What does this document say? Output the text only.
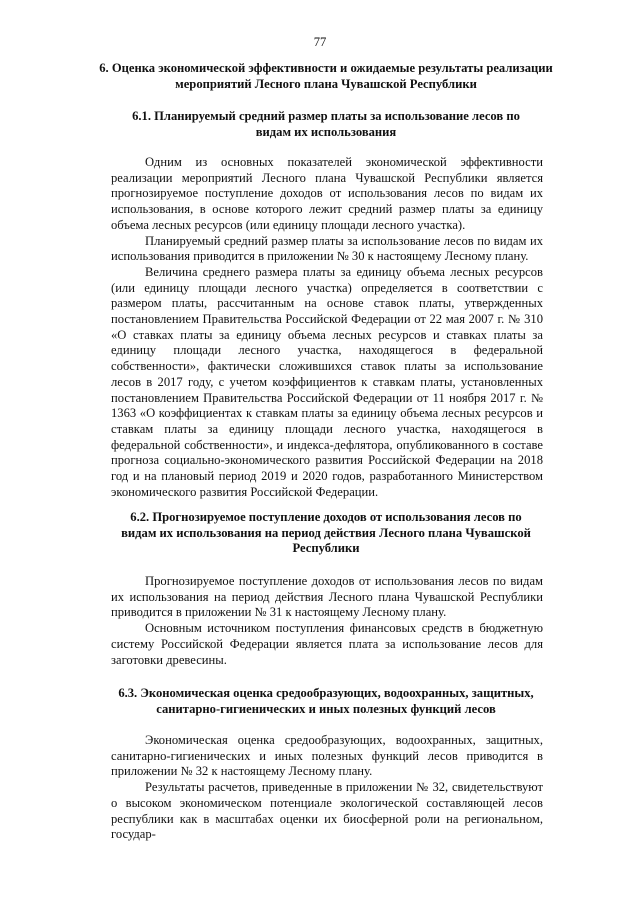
77
6. Оценка экономической эффективности и ожидаемые результаты реализации мероприятий Лесного плана Чувашской Республики
6.1. Планируемый средний размер платы за использование лесов по видам их использования

Одним из основных показателей экономической эффективности реализации мероприятий Лесного плана Чувашской Республики является прогнозируемое поступление доходов от использования лесов по видам их использования, в основе которого лежит средний размер платы за единицу объема лесных ресурсов (или единицу площади лесного участка).

Планируемый средний размер платы за использование лесов по видам их использования приводится в приложении № 30 к настоящему Лесному плану.

Величина среднего размера платы за единицу объема лесных ресурсов (или единицу площади лесного участка) определяется в соответствии с размером платы, рассчитанным на основе ставок платы, утвержденных постановлением Правительства Российской Федерации от 22 мая 2007 г. № 310 «О ставках платы за единицу объема лесных ресурсов и ставках платы за единицу площади лесного участка, находящегося в федеральной собственности», фактически сложившихся ставок платы за использование лесов в 2017 году, с учетом коэффициентов к ставкам платы, установленных постановлением Правительства Российской Федерации от 11 ноября 2017 г. № 1363 «О коэффициентах к ставкам платы за единицу объема лесных ресурсов и ставкам платы за единицу площади лесного участка, находящегося в федеральной собственности», и индекса-дефлятора, опубликованного в составе прогноза социально-экономического развития Российской Федерации на 2018 год и на плановый период 2019 и 2020 годов, разработанного Министерством экономического развития Российской Федерации.

6.2. Прогнозируемое поступление доходов от использования лесов по видам их использования на период действия Лесного плана Чувашской Республики

Прогнозируемое поступление доходов от использования лесов по видам их использования на период действия Лесного плана Чувашской Республики приводится в приложении № 31 к настоящему Лесному плану.

Основным источником поступления финансовых средств в бюджетную систему Российской Федерации является плата за использование лесов для заготовки древесины.

6.3. Экономическая оценка средообразующих, водоохранных, защитных, санитарно-гигиенических и иных полезных функций лесов

Экономическая оценка средообразующих, водоохранных, защитных, санитарно-гигиенических и иных полезных функций лесов приводится в приложении № 32 к настоящему Лесному плану.

Результаты расчетов, приведенные в приложении № 32, свидетельствуют о высоком экономическом потенциале экологической составляющей лесов республики как в масштабах оценки их биосферной роли на региональном, государ-
